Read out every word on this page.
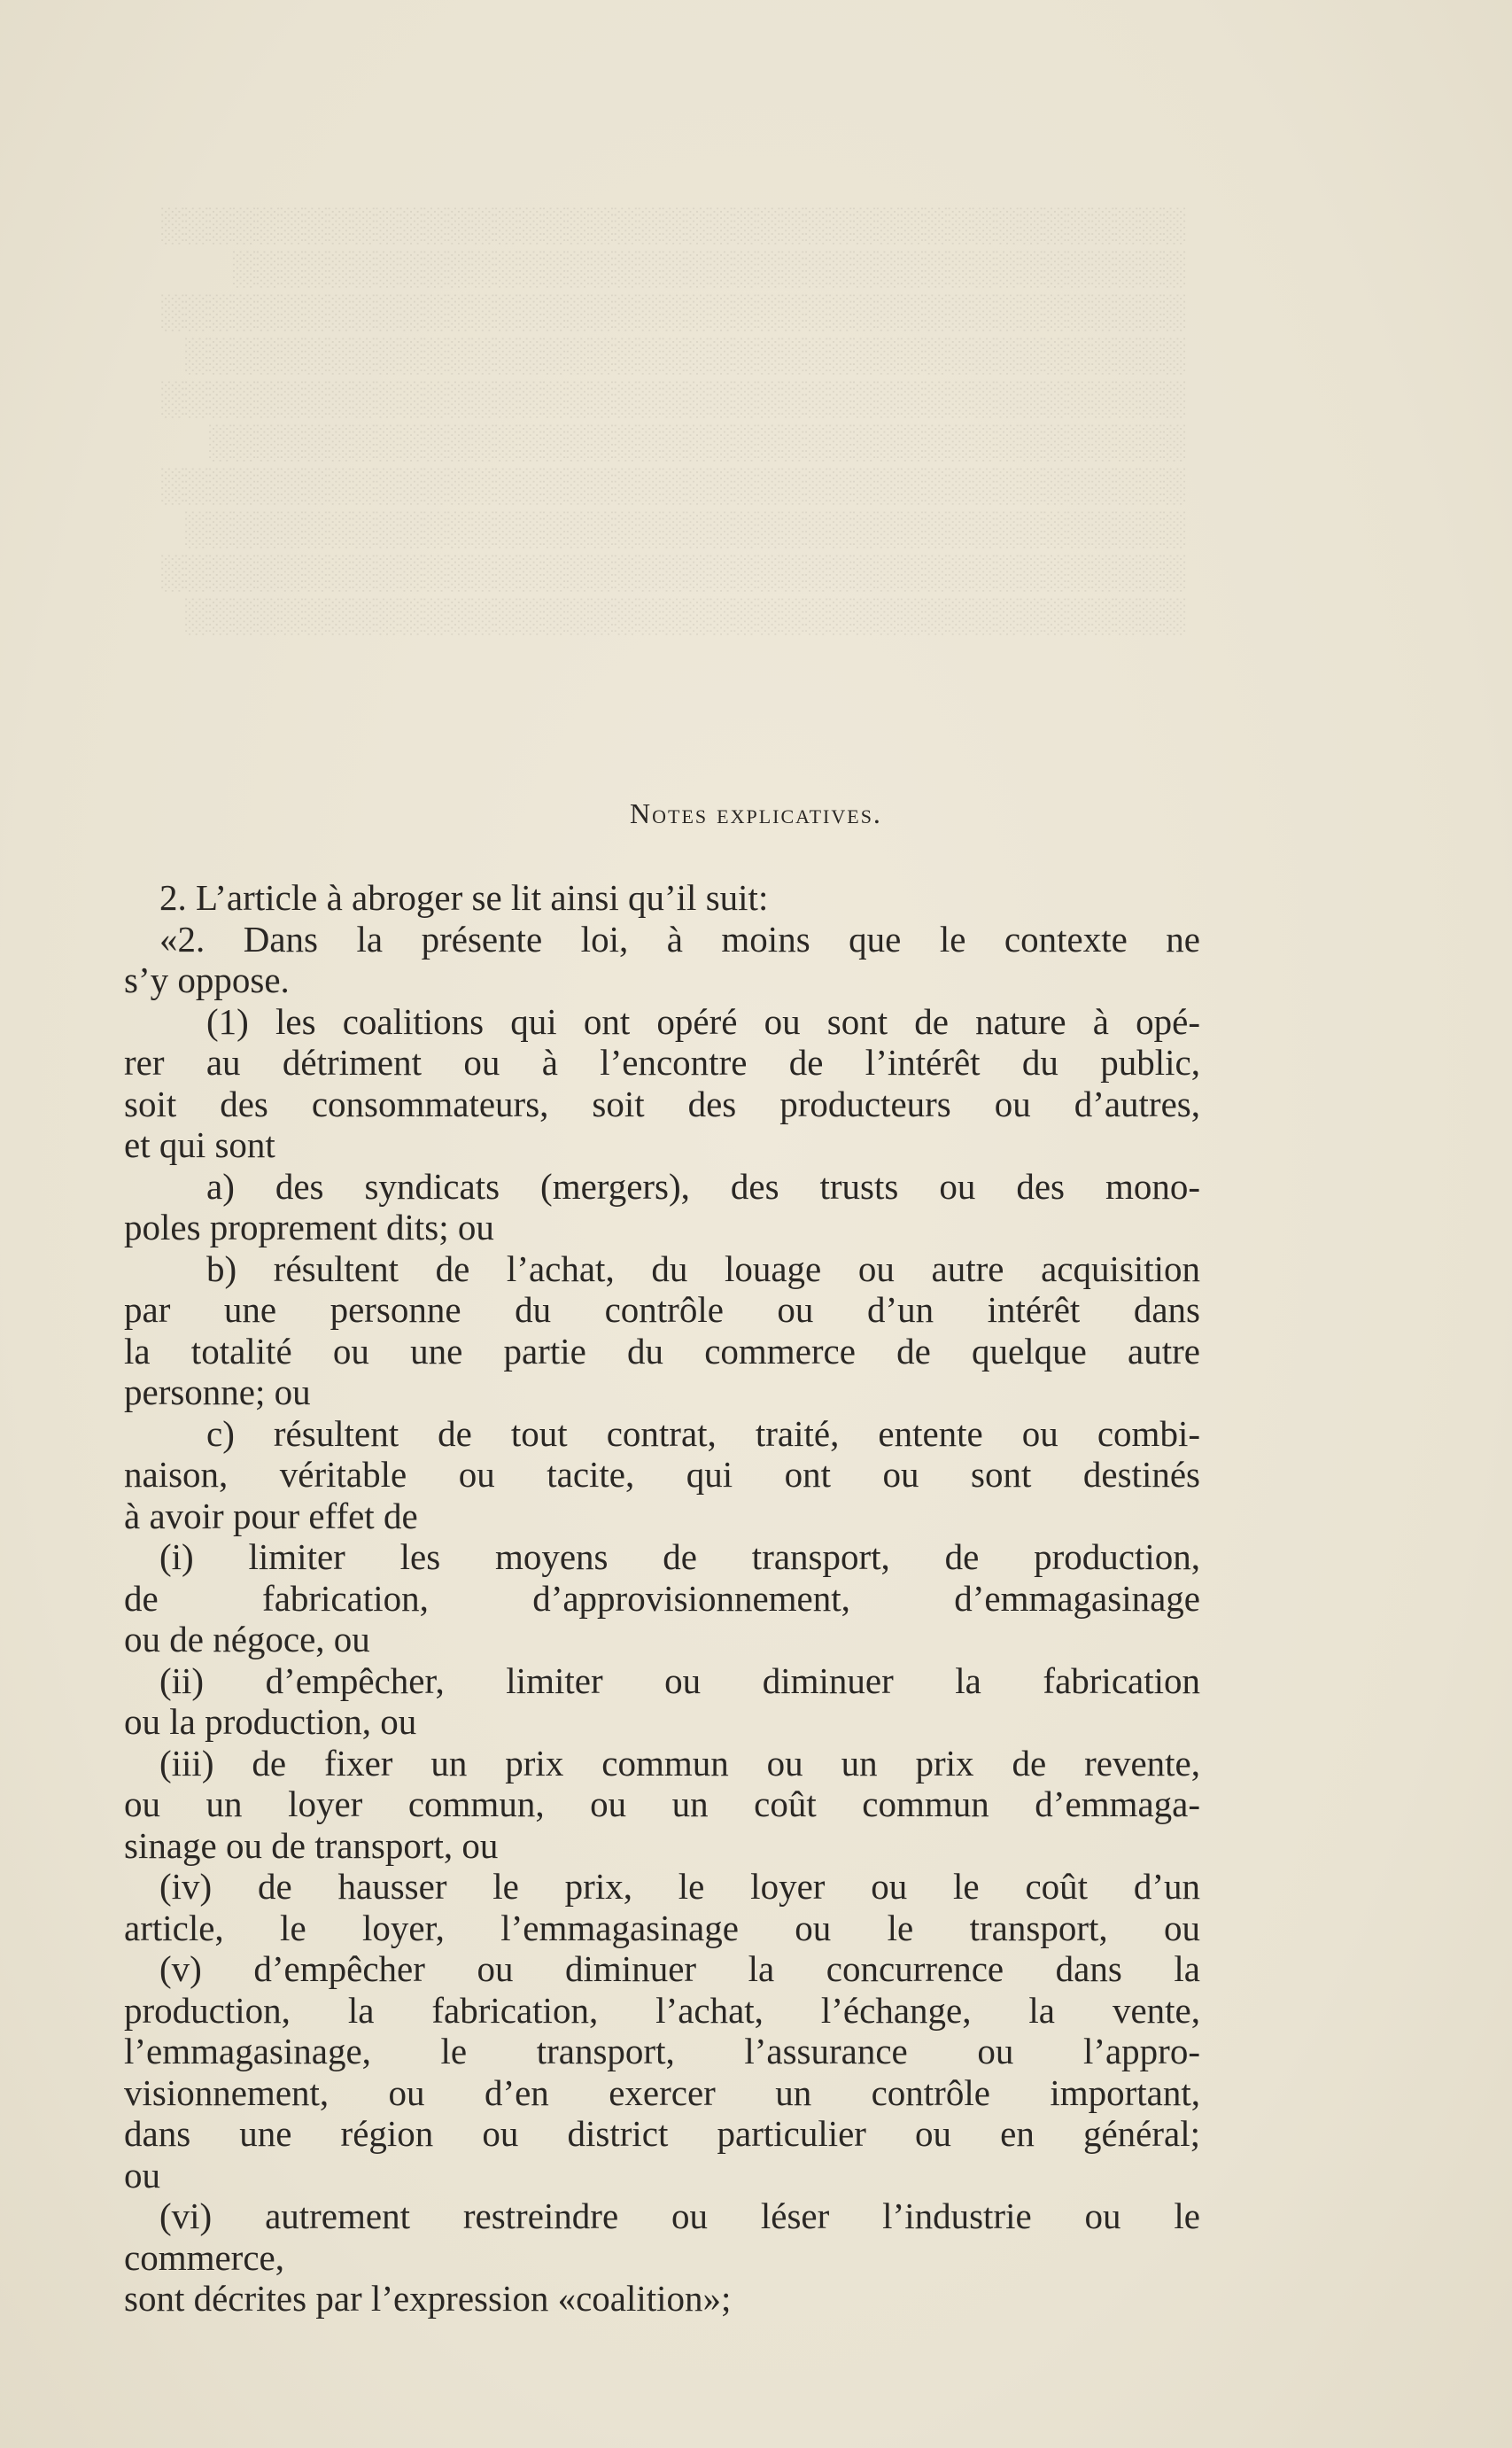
░░░░░░░░░░░░░░░░░░░░░░░░░░░░░░░░░░░░░░░░░░░
░░░░░░░░░░░░░░░░░░░░░░░░░░░░░░░░░░░░░░░░
░░░░░░░░░░░░░░░░░░░░░░░░░░░░░░░░░░░░░░░░░░░
░░░░░░░░░░░░░░░░░░░░░░░░░░░░░░░░░░░░░░░░░░
░░░░░░░░░░░░░░░░░░░░░░░░░░░░░░░░░░░░░░░░░░░
░░░░░░░░░░░░░░░░░░░░░░░░░░░░░░░░░░░░░░░░░
░░░░░░░░░░░░░░░░░░░░░░░░░░░░░░░░░░░░░░░░░░░
░░░░░░░░░░░░░░░░░░░░░░░░░░░░░░░░░░░░░░░░░░
░░░░░░░░░░░░░░░░░░░░░░░░░░░░░░░░░░░░░░░░░░░
░░░░░░░░░░░░░░░░░░░░░░░░░░░░░░░░░░░░░░░░░░
Notes explicatives.
2. L’article à abroger se lit ainsi qu’il suit:
«2. Dans la présente loi, à moins que le contexte ne
s’y oppose.
(1) les coalitions qui ont opéré ou sont de nature à opé-
rer au détriment ou à l’encontre de l’intérêt du public,
soit des consommateurs, soit des producteurs ou d’autres,
et qui sont
a) des syndicats (mergers), des trusts ou des mono-
poles proprement dits; ou
b) résultent de l’achat, du louage ou autre acquisition
par une personne du contrôle ou d’un intérêt dans
la totalité ou une partie du commerce de quelque autre
personne; ou
c) résultent de tout contrat, traité, entente ou combi-
naison, véritable ou tacite, qui ont ou sont destinés
à avoir pour effet de
(i) limiter les moyens de transport, de production,
de fabrication, d’approvisionnement, d’emmagasinage
ou de négoce, ou
(ii) d’empêcher, limiter ou diminuer la fabrication
ou la production, ou
(iii) de fixer un prix commun ou un prix de revente,
ou un loyer commun, ou un coût commun d’emmaga-
sinage ou de transport, ou
(iv) de hausser le prix, le loyer ou le coût d’un
article, le loyer, l’emmagasinage ou le transport, ou
(v) d’empêcher ou diminuer la concurrence dans la
production, la fabrication, l’achat, l’échange, la vente,
l’emmagasinage, le transport, l’assurance ou l’appro-
visionnement, ou d’en exercer un contrôle important,
dans une région ou district particulier ou en général;
ou
(vi) autrement restreindre ou léser l’industrie ou le
commerce,
sont décrites par l’expression «coalition»;
